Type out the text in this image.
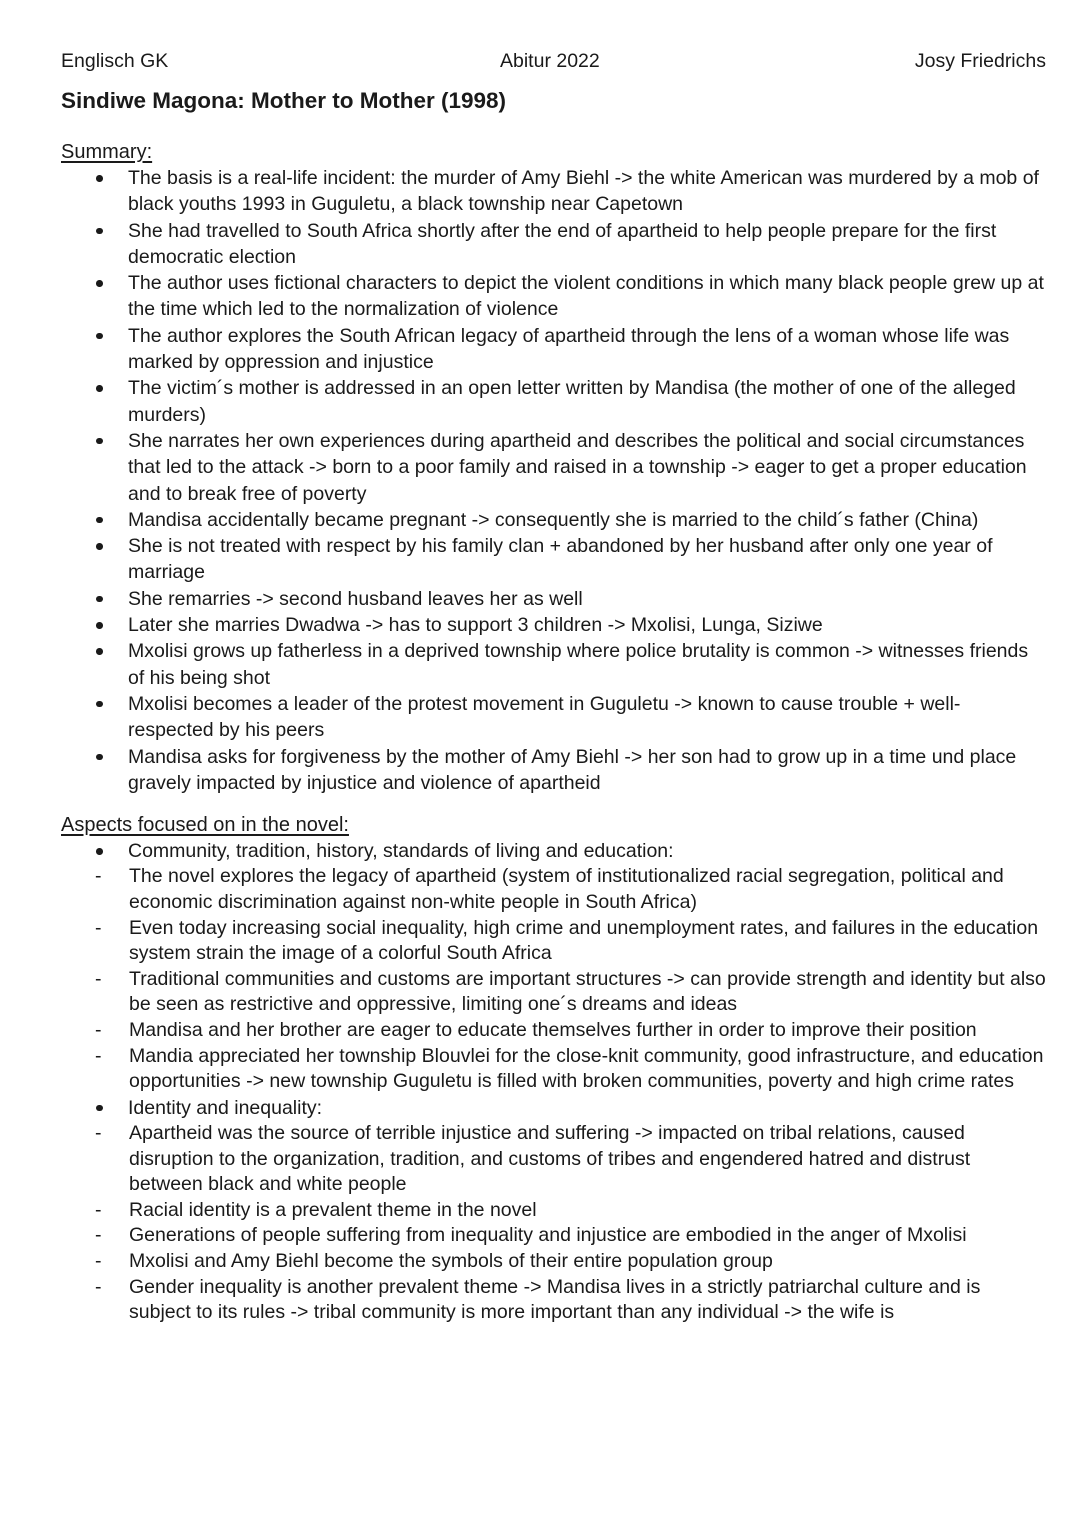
Englisch GK	Abitur 2022	Josy Friedrichs
Sindiwe Magona: Mother to Mother (1998)
Summary:
The basis is a real-life incident: the murder of Amy Biehl -> the white American was murdered by a mob of black youths 1993 in Guguletu, a black township near Capetown
She had travelled to South Africa shortly after the end of apartheid to help people prepare for the first democratic election
The author uses fictional characters to depict the violent conditions in which many black people grew up at the time which led to the normalization of violence
The author explores the South African legacy of apartheid through the lens of a woman whose life was marked by oppression and injustice
The victim´s mother is addressed in an open letter written by Mandisa (the mother of one of the alleged murders)
She narrates her own experiences during apartheid and describes the political and social circumstances that led to the attack -> born to a poor family and raised in a township -> eager to get a proper education and to break free of poverty
Mandisa accidentally became pregnant -> consequently she is married to the child´s father (China)
She is not treated with respect by his family clan + abandoned by her husband after only one year of marriage
She remarries -> second husband leaves her as well
Later she marries Dwadwa -> has to support 3 children -> Mxolisi, Lunga, Siziwe
Mxolisi grows up fatherless in a deprived township where police brutality is common -> witnesses friends of his being shot
Mxolisi becomes a leader of the protest movement in Guguletu -> known to cause trouble + well-respected by his peers
Mandisa asks for forgiveness by the mother of Amy Biehl -> her son had to grow up in a time und place gravely impacted by injustice and violence of apartheid
Aspects focused on in the novel:
Community, tradition, history, standards of living and education:
- The novel explores the legacy of apartheid (system of institutionalized racial segregation, political and economic discrimination against non-white people in South Africa)
- Even today increasing social inequality, high crime and unemployment rates, and failures in the education system strain the image of a colorful South Africa
- Traditional communities and customs are important structures -> can provide strength and identity but also be seen as restrictive and oppressive, limiting one´s dreams and ideas
- Mandisa and her brother are eager to educate themselves further in order to improve their position
- Mandia appreciated her township Blouvlei for the close-knit community, good infrastructure, and education opportunities -> new township Guguletu is filled with broken communities, poverty and high crime rates
Identity and inequality:
- Apartheid was the source of terrible injustice and suffering -> impacted on tribal relations, caused disruption to the organization, tradition, and customs of tribes and engendered hatred and distrust between black and white people
- Racial identity is a prevalent theme in the novel
- Generations of people suffering from inequality and injustice are embodied in the anger of Mxolisi
- Mxolisi and Amy Biehl become the symbols of their entire population group
- Gender inequality is another prevalent theme -> Mandisa lives in a strictly patriarchal culture and is subject to its rules -> tribal community is more important than any individual -> the wife is
